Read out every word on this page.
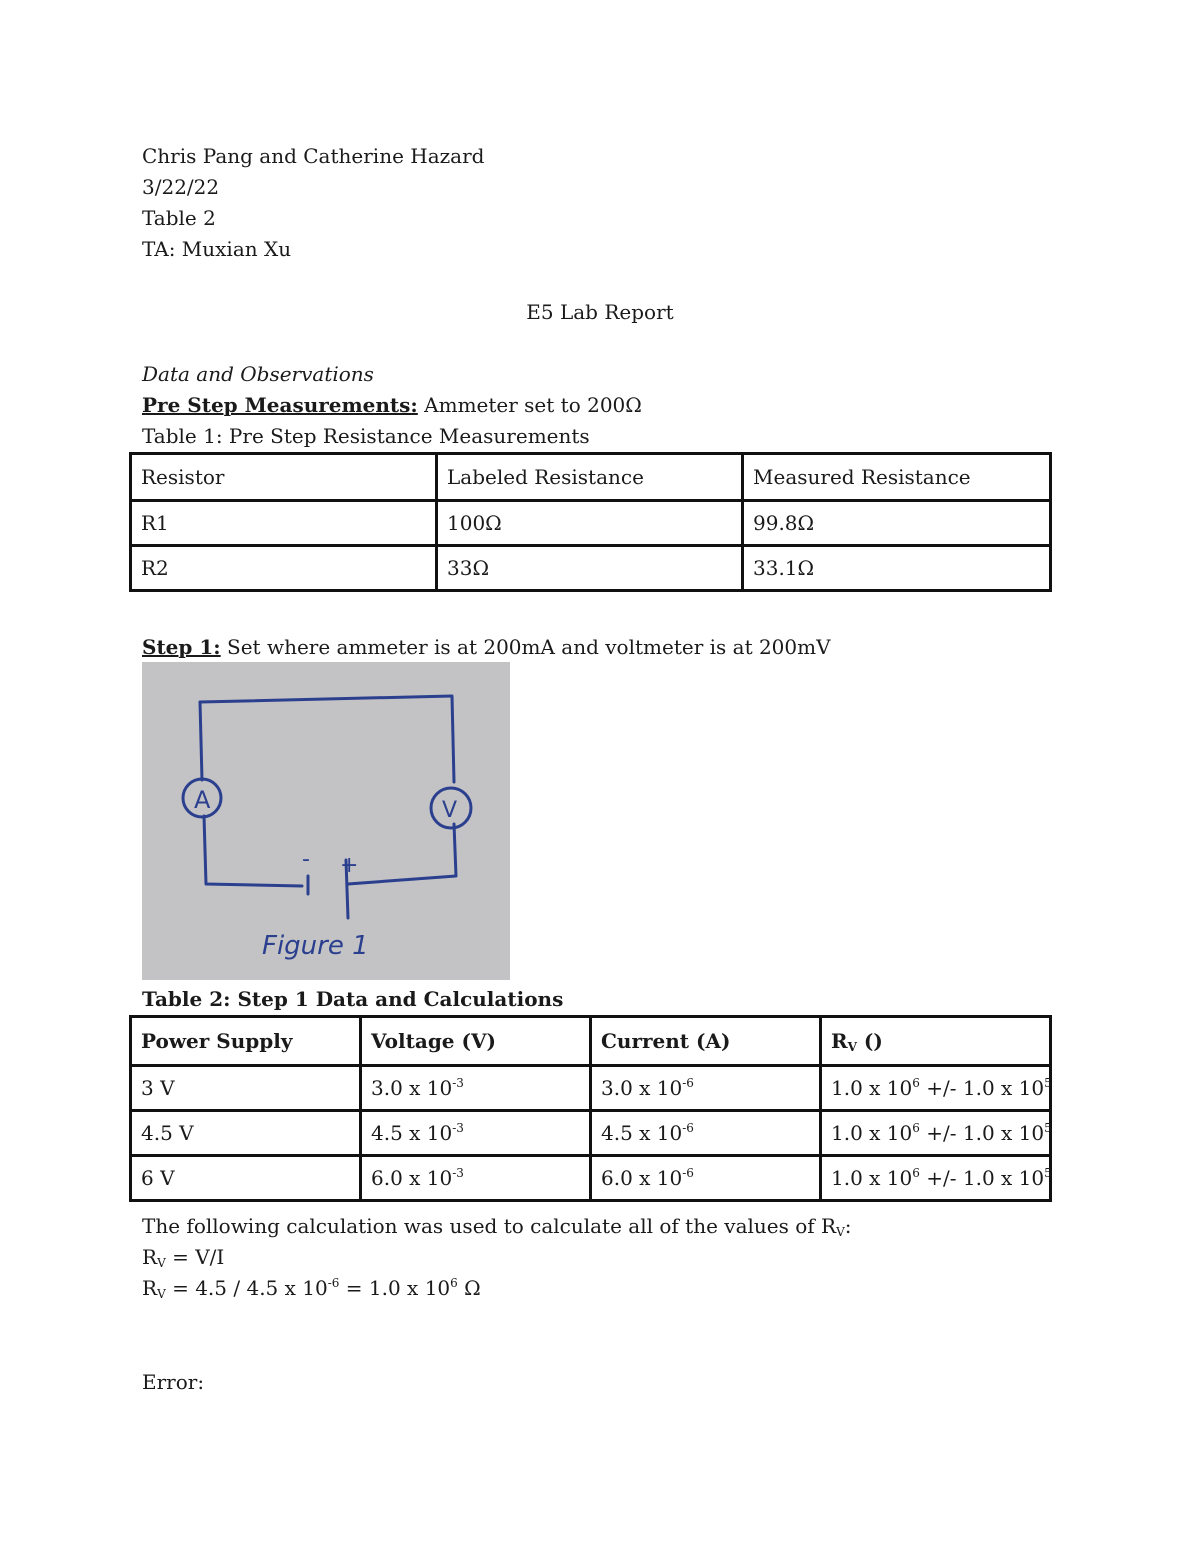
Chris Pang and Catherine Hazard
3/22/22
Table 2
TA: Muxian Xu
E5 Lab Report
Data and Observations
Pre Step Measurements: Ammeter set to 200Ω
Table 1: Pre Step Resistance Measurements
Resistor	Labeled Resistance	Measured Resistance
R1	100Ω	99.8Ω
R2	33Ω	33.1Ω
Step 1: Set where ammeter is at 200mA and voltmeter is at 200mV
A	V
- +
Figure 1
Table 2: Step 1 Data and Calculations
Power Supply	Voltage (V)	Current (A)	$R_V$ ()
3 V	3.0 x $10^{-3}$	3.0 x $10^{-6}$	1.0 x $10^6$ +/- 1.0 x $10^5$
4.5 V	4.5 x $10^{-3}$	4.5 x $10^{-6}$	1.0 x $10^6$ +/- 1.0 x $10^5$
6 V	6.0 x $10^{-3}$	6.0 x $10^{-6}$	1.0 x $10^6$ +/- 1.0 x $10^5$
The following calculation was used to calculate all of the values of $R_V$:
$R_V = V/I$
$R_V = 4.5 / 4.5$ x $10^{-6} = 1.0$ x $10^6$ Ω
Error:
